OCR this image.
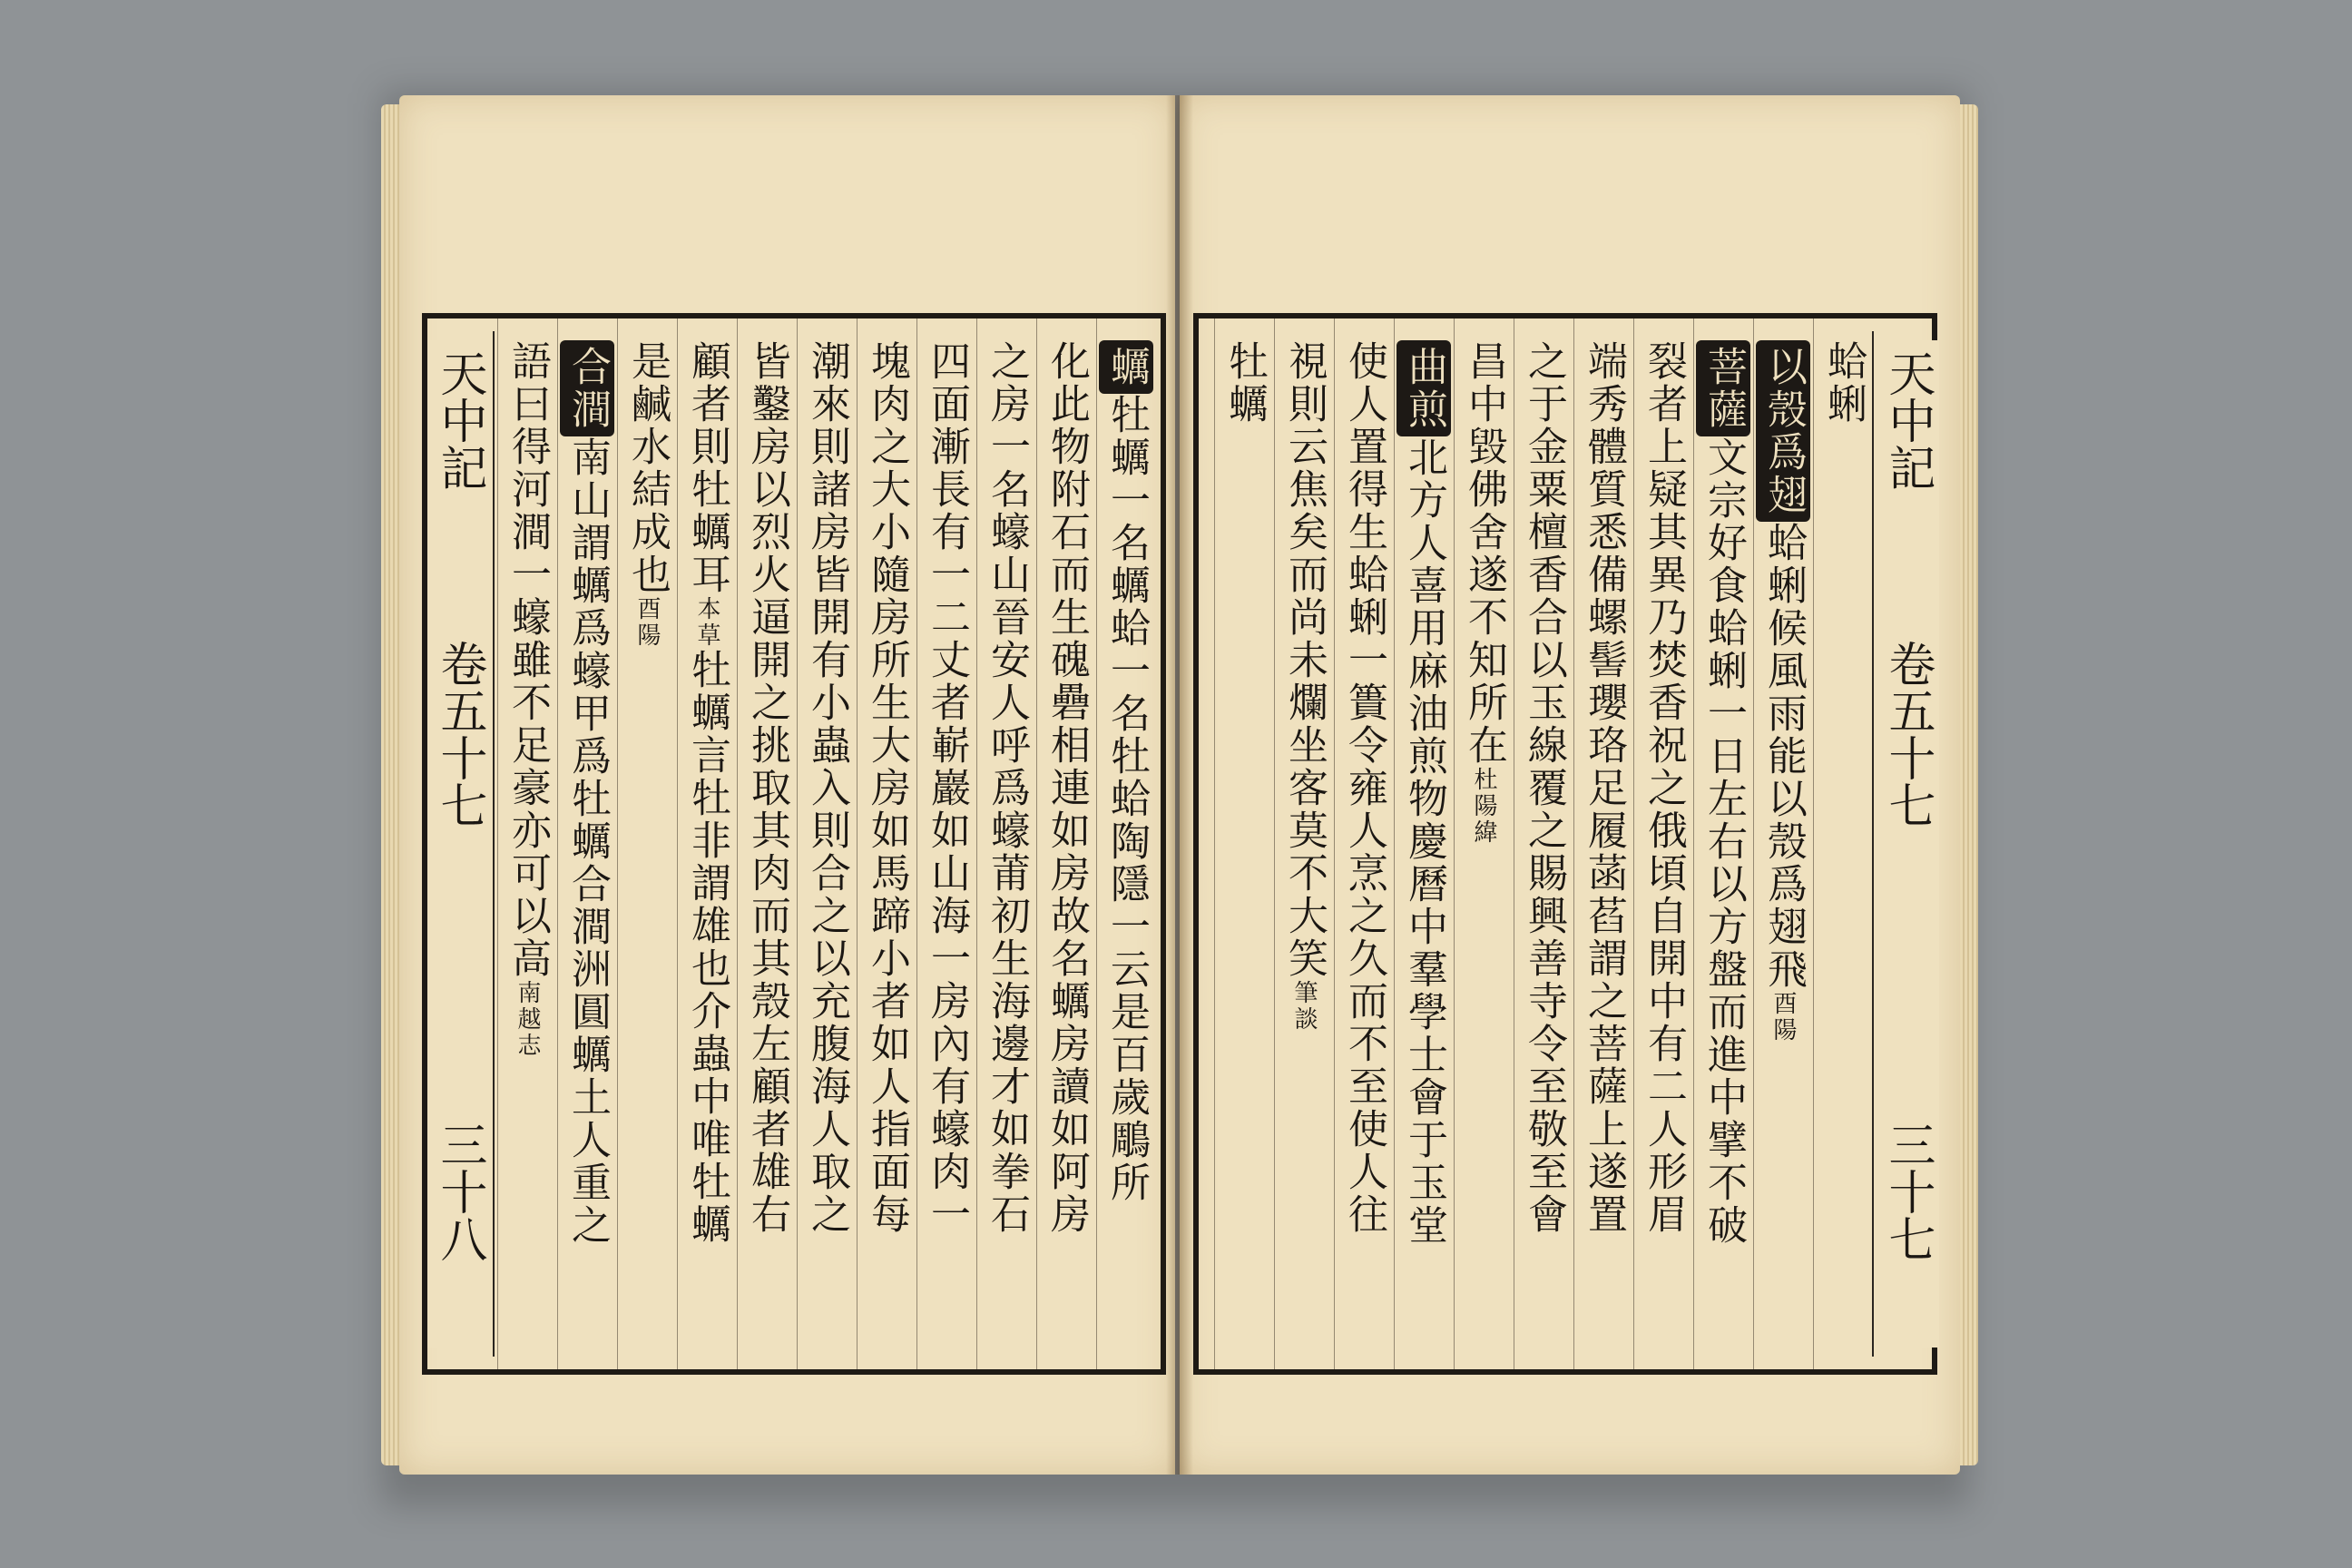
天中記
卷五十七
三十八
語曰得河澗一蠔雖不足豪亦可以高南越志
合澗南山謂蠣爲蠔甲爲牡蠣合澗洲圓蠣土人重之 是鹹水結成也酉陽
顧者則牡蠣耳本草牡蠣言牡非謂雄也介蟲中唯牡蠣 皆鑿房以烈火逼開之挑取其肉而其殼左顧者雄右 潮來則諸房皆開有小蟲入則合之以充腹海人取之 塊肉之大小隨房所生大房如馬蹄小者如人指面每 四面漸長有一二丈者嶄巖如山海一房內有蠔肉一 之房一名蠔山晉安人呼爲蠔莆初生海邊才如拳石 化此物附石而生磈礨相連如房故名蠣房讀如阿房 蠣牡蠣一名蠣蛤一名牡蛤陶隱一云是百歲鵰所
牡蠣 視則云焦矣而尚未爛坐客莫不大笑筆談 使人置得生蛤蜊一簣令雍人烹之久而不至使人往 曲煎北方人喜用麻油煎物慶曆中羣學士會于玉堂 昌中毀佛舍遂不知所在杜陽緯 之于金粟檀香合以玉線覆之賜興善寺令至敬至會 端秀體質悉備螺髻瓔珞足履菡萏謂之菩薩上遂置 裂者上疑其異乃焚香祝之俄頃自開中有二人形眉 菩薩文宗好食蛤蜊一日左右以方盤而進中擘不破
以殼爲翅蛤蜊候風雨能以殼爲翅飛酉陽
蛤蜊 天中記
卷五十七
三十七
